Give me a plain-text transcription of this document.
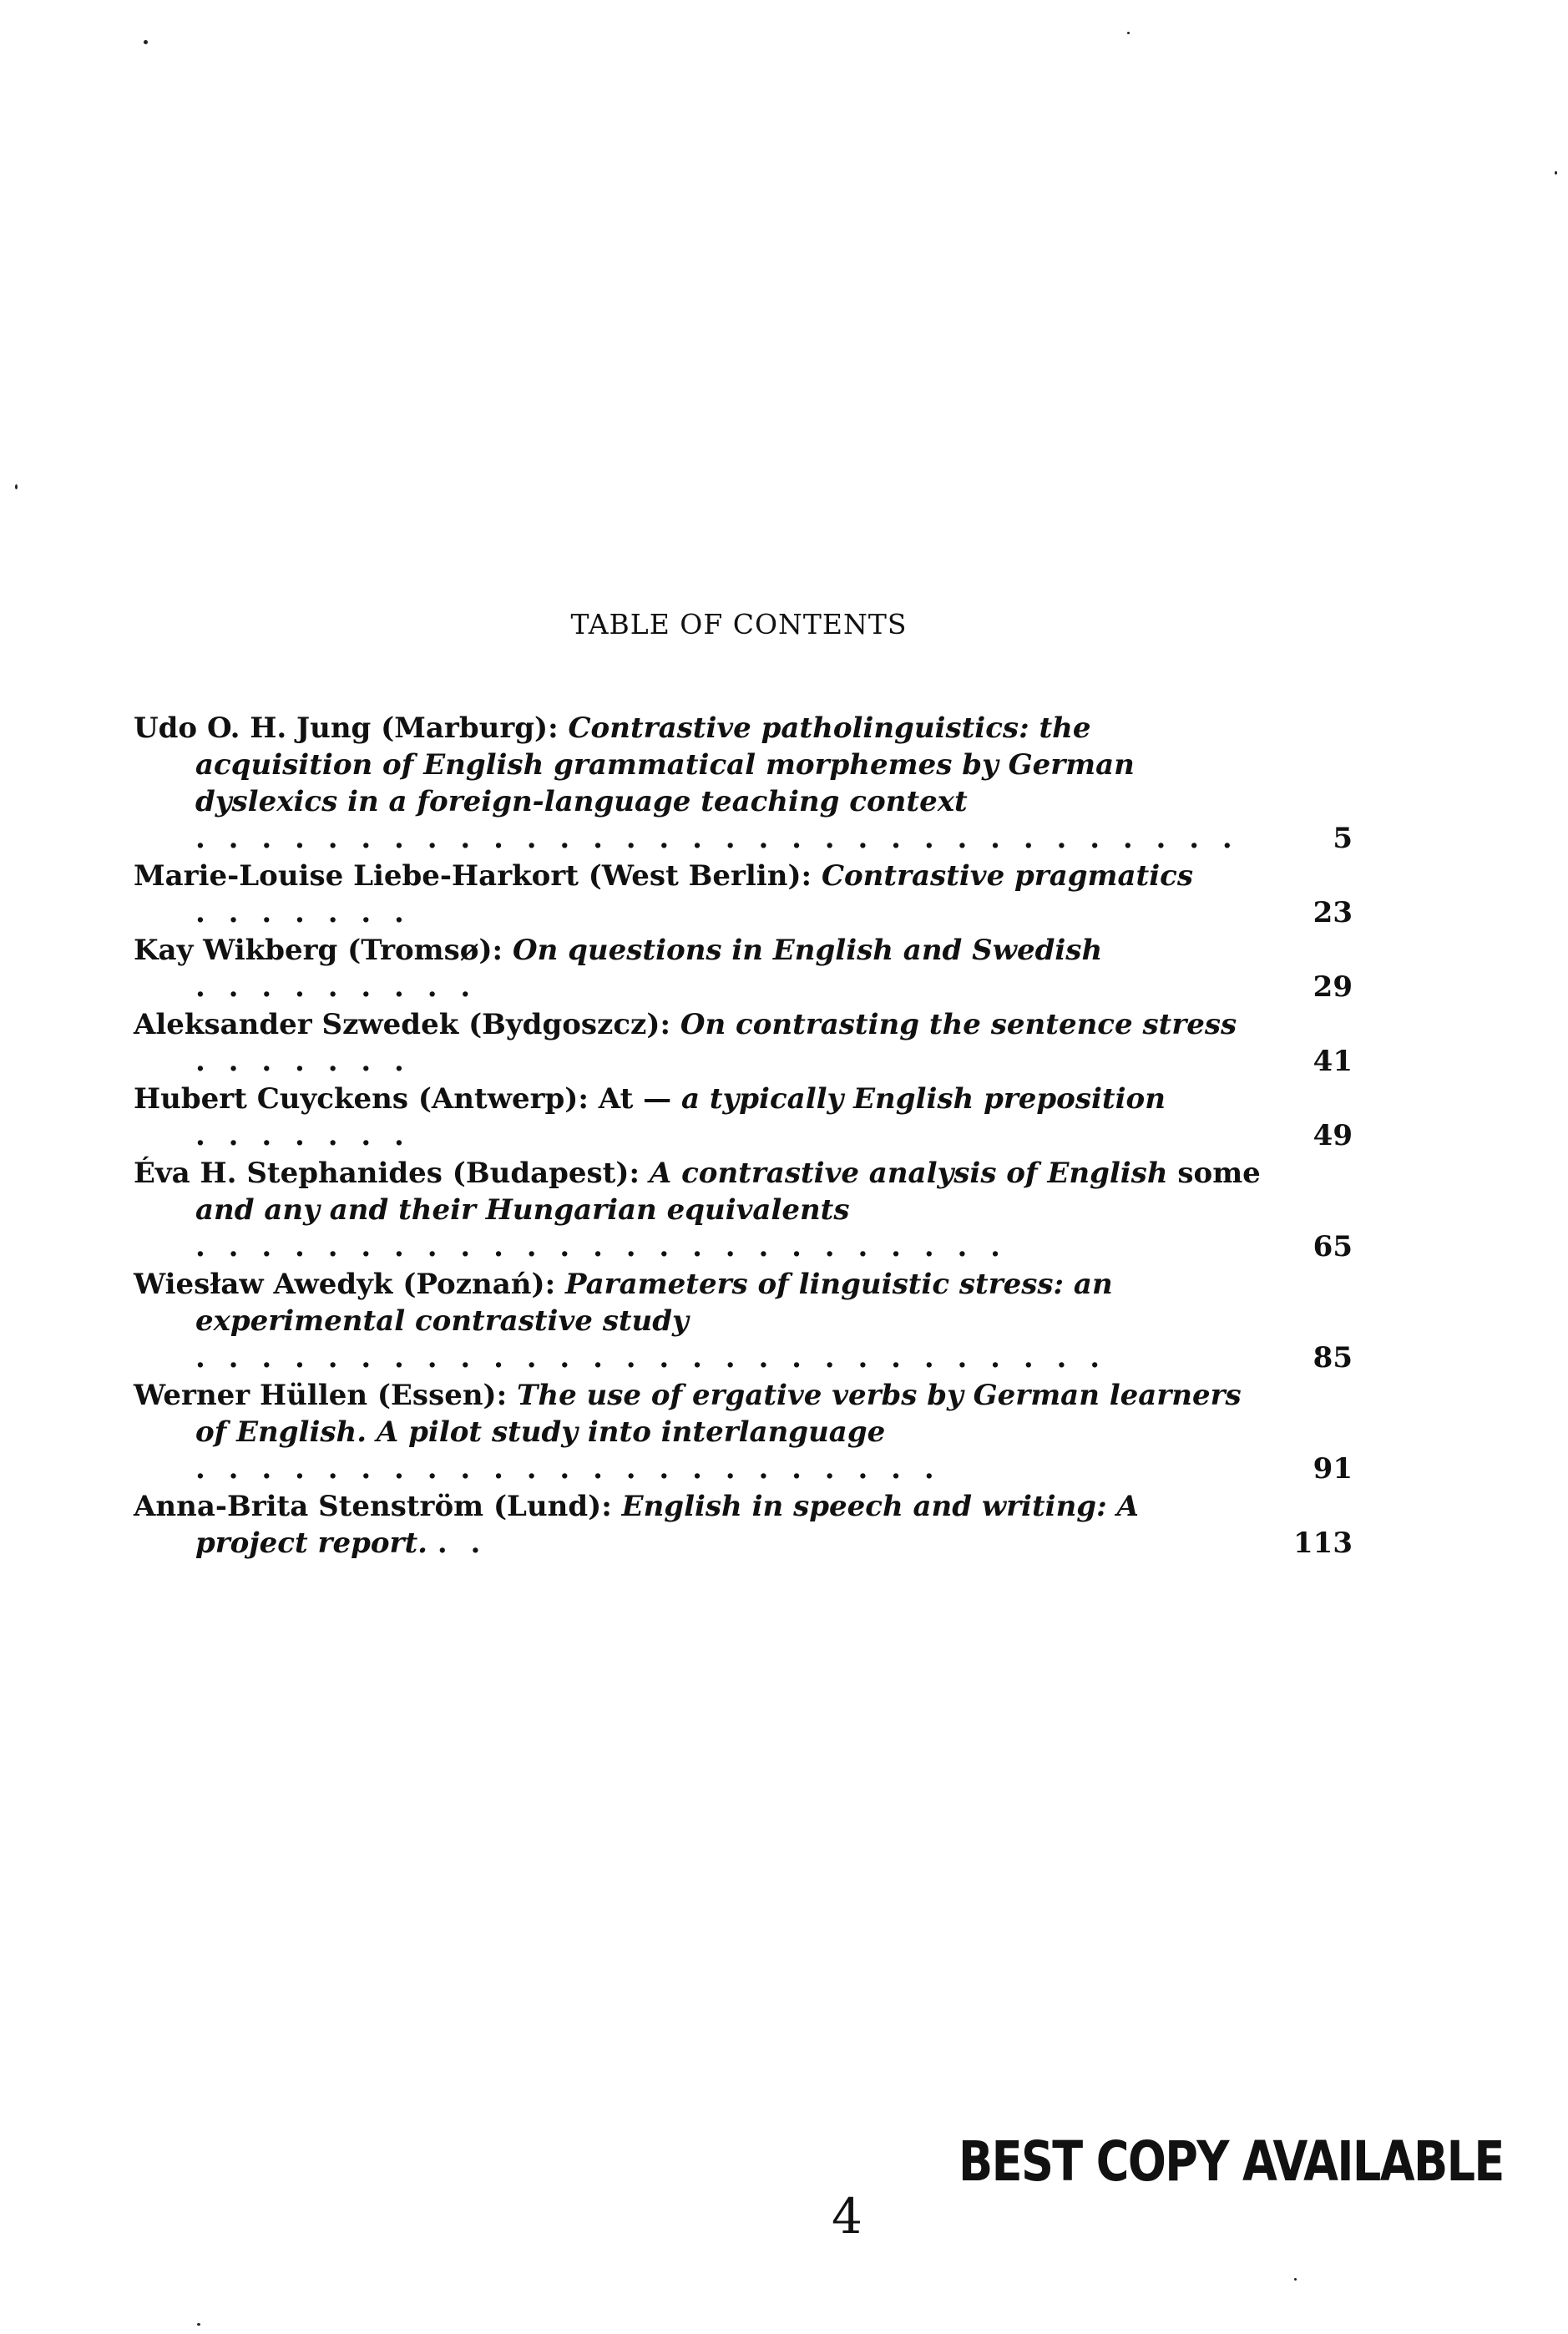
TABLE OF CONTENTS
Udo O. H. Jung (Marburg): Contrastive patholinguistics: the acquisition of English grammatical morphemes by German dyslexics in a foreign-language teaching context . . . . . . . . . . . . . . . . . . . . . . . . . . . . . . . .	5
Marie-Louise Liebe-Harkort (West Berlin): Contrastive pragmatics . . . . . . .	23
Kay Wikberg (Tromsø): On questions in English and Swedish . . . . . . . . .	29
Aleksander Szwedek (Bydgoszcz): On contrasting the sentence stress . . . . . . .	41
Hubert Cuyckens (Antwerp): At — a typically English preposition . . . . . . .	49
Éva H. Stephanides (Budapest): A contrastive analysis of English some and any and their Hungarian equivalents . . . . . . . . . . . . . . . . . . . . . . . . .	65
Wiesław Awedyk (Poznań): Parameters of linguistic stress: an experimental contrastive study . . . . . . . . . . . . . . . . . . . . . . . . . . . .	85
Werner Hüllen (Essen): The use of ergative verbs by German learners of English. A pilot study into interlanguage . . . . . . . . . . . . . . . . . . . . . . .	91
Anna-Brita Stenström (Lund): English in speech and writing: A project report. . .	113
BEST COPY AVAILABLE
4
